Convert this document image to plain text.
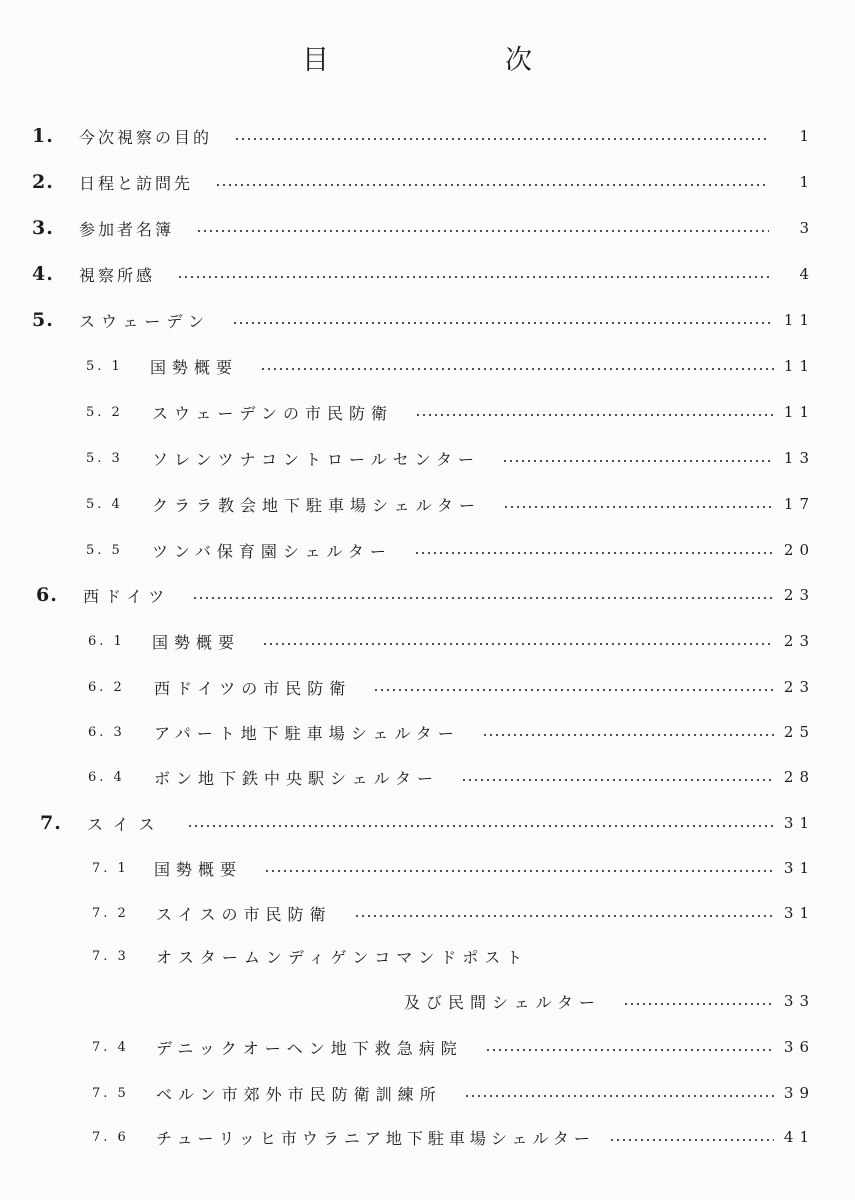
目	次
1.	今次視察の目的	1
2.	日程と訪問先	1
3.	参加者名簿	3
4.	視察所感	4
5.	スウェーデン	11
5. 1	国勢概要	11
5. 2	スウェーデンの市民防衛	11
5. 3	ソレンツナコントロールセンター	13
5. 4	クララ教会地下駐車場シェルター	17
5. 5	ツンバ保育園シェルター	20
6.	西ドイツ	23
6. 1	国勢概要	23
6. 2	西ドイツの市民防衛	23
6. 3	アパート地下駐車場シェルター	25
6. 4	ボン地下鉄中央駅シェルター	28
7.	スイス	31
7. 1	国勢概要	31
7. 2	スイスの市民防衛	31
7. 3	オスタームンディゲンコマンドポスト
及び民間シェルター	33
7. 4	デニックオーヘン地下救急病院	36
7. 5	ベルン市郊外市民防衛訓練所	39
7. 6	チューリッヒ市ウラニア地下駐車場シェルター	41
